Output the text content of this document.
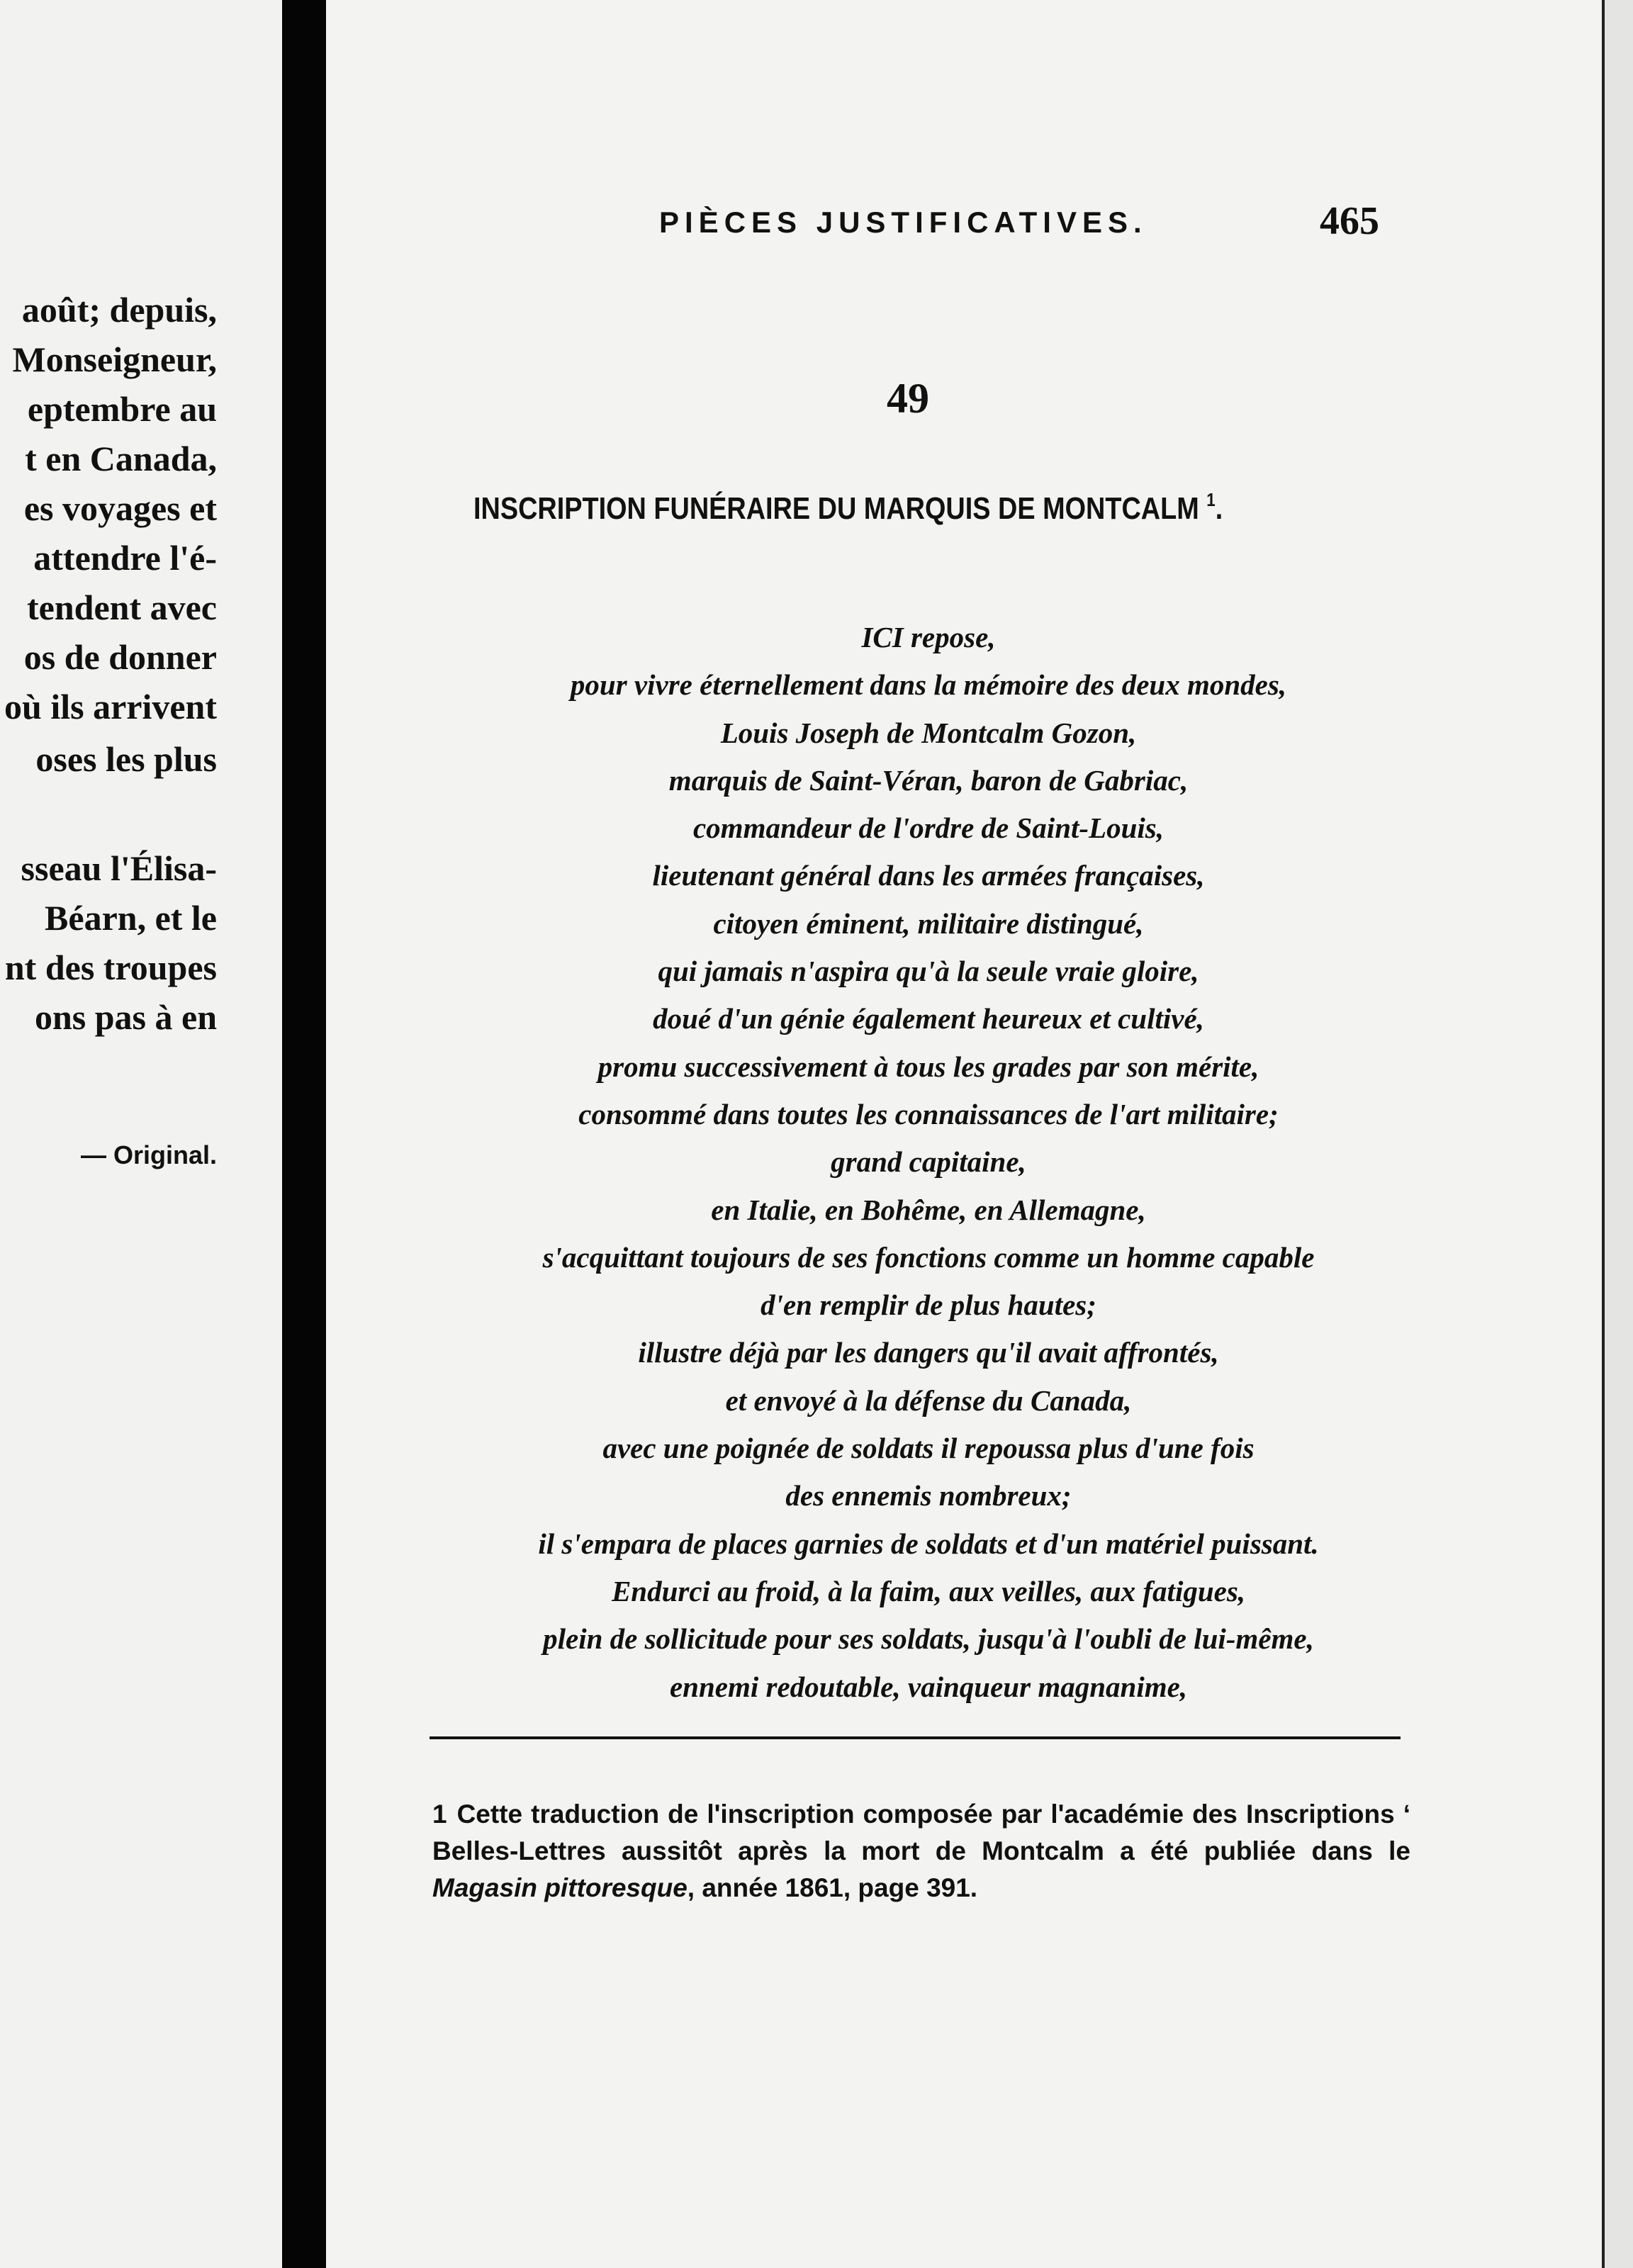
août; depuis,
Monseigneur,
eptembre au
t en Canada,
es voyages et
attendre l'é-
tendent avec
os de donner
où ils arrivent
oses les plus
sseau l'Élisa-
Béarn, et le
nt des troupes
ons pas à en
— Original.
PIÈCES JUSTIFICATIVES.	465
49
INSCRIPTION FUNÉRAIRE DU MARQUIS DE MONTCALM $^1$.
ICI repose,
pour vivre éternellement dans la mémoire des deux mondes,
Louis Joseph de Montcalm Gozon,
marquis de Saint-Véran, baron de Gabriac,
commandeur de l'ordre de Saint-Louis,
lieutenant général dans les armées françaises,
citoyen éminent, militaire distingué,
qui jamais n'aspira qu'à la seule vraie gloire,
doué d'un génie également heureux et cultivé,
promu successivement à tous les grades par son mérite,
consommé dans toutes les connaissances de l'art militaire;
grand capitaine,
en Italie, en Bohême, en Allemagne,
s'acquittant toujours de ses fonctions comme un homme capable
d'en remplir de plus hautes;
illustre déjà par les dangers qu'il avait affrontés,
et envoyé à la défense du Canada,
avec une poignée de soldats il repoussa plus d'une fois
des ennemis nombreux;
il s'empara de places garnies de soldats et d'un matériel puissant.
Endurci au froid, à la faim, aux veilles, aux fatigues,
plein de sollicitude pour ses soldats, jusqu'à l'oubli de lui-même,
ennemi redoutable, vainqueur magnanime,
1 Cette traduction de l'inscription composée par l'académie des Inscriptions ‘ Belles-Lettres aussitôt après la mort de Montcalm a été publiée dans le Magasin pittoresque, année 1861, page 391.
